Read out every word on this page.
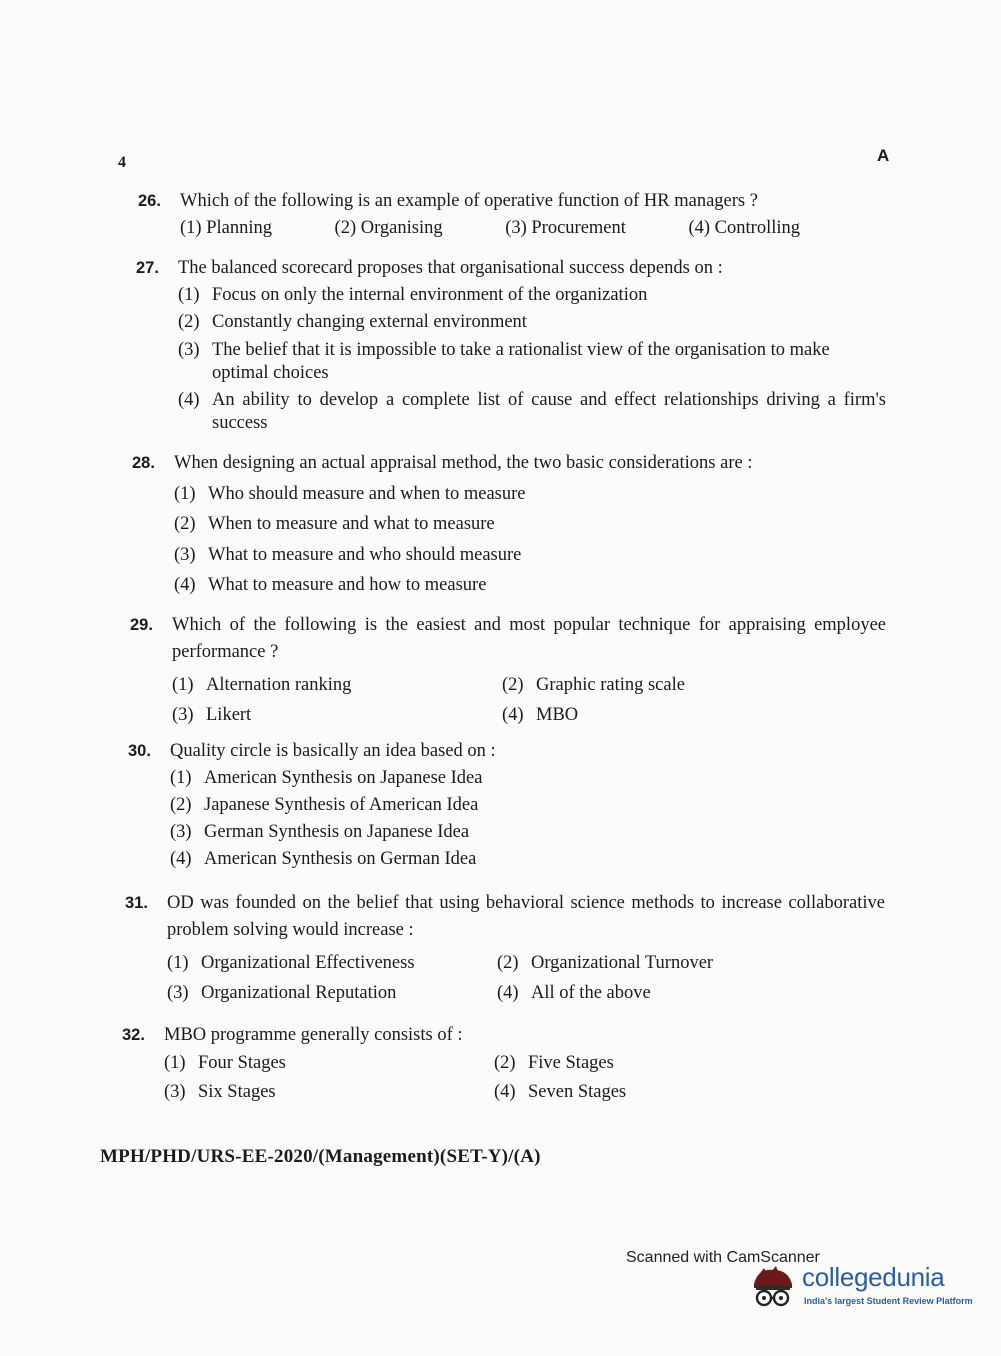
4	A
26. Which of the following is an example of operative function of HR managers ?
(1) Planning	(2) Organising	(3) Procurement	(4) Controlling
27. The balanced scorecard proposes that organisational success depends on :
(1) Focus on only the internal environment of the organization
(2) Constantly changing external environment
(3) The belief that it is impossible to take a rationalist view of the organisation to make optimal choices
(4) An ability to develop a complete list of cause and effect relationships driving a firm's success
28. When designing an actual appraisal method, the two basic considerations are :
(1) Who should measure and when to measure
(2) When to measure and what to measure
(3) What to measure and who should measure
(4) What to measure and how to measure
29. Which of the following is the easiest and most popular technique for appraising employee performance ?
(1) Alternation ranking	(2) Graphic rating scale
(3) Likert	(4) MBO
30. Quality circle is basically an idea based on :
(1) American Synthesis on Japanese Idea
(2) Japanese Synthesis of American Idea
(3) German Synthesis on Japanese Idea
(4) American Synthesis on German Idea
31. OD was founded on the belief that using behavioral science methods to increase collaborative problem solving would increase :
(1) Organizational Effectiveness	(2) Organizational Turnover
(3) Organizational Reputation	(4) All of the above
32. MBO programme generally consists of :
(1) Four Stages	(2) Five Stages
(3) Six Stages	(4) Seven Stages
MPH/PHD/URS-EE-2020/(Management)(SET-Y)/(A)
Scanned with CamScanner
collegedunia
India's largest Student Review Platform
